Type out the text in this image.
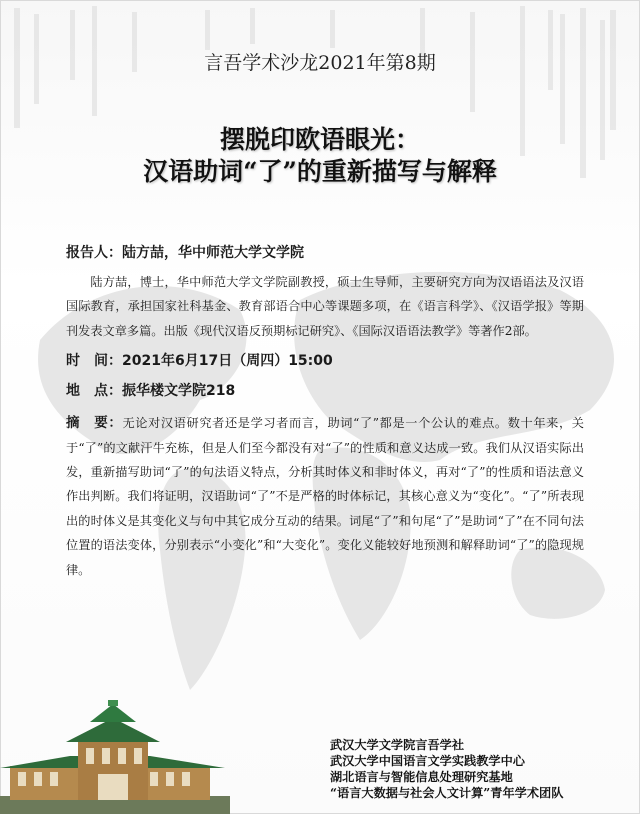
言吾学术沙龙2021年第8期
摆脱印欧语眼光：
汉语助词“了”的重新描写与解释

报告人：陆方喆，华中师范大学文学院

陆方喆，博士，华中师范大学文学院副教授，硕士生导师，主要研究方向为汉语语法及汉语国际教育，承担国家社科基金、教育部语合中心等课题多项，在《语言科学》、《汉语学报》等期刊发表文章多篇。出版《现代汉语反预期标记研究》、《国际汉语语法教学》等著作2部。

时　间：2021年6月17日（周四）15:00

地　点：振华楼文学院218

摘　要：无论对汉语研究者还是学习者而言，助词“了”都是一个公认的难点。数十年来，关于“了”的文献汗牛充栋，但是人们至今都没有对“了”的性质和意义达成一致。我们从汉语实际出发，重新描写助词“了”的句法语义特点，分析其时体义和非时体义，再对“了”的性质和语法意义作出判断。我们将证明，汉语助词“了”不是严格的时体标记，其核心意义为“变化”。“了”所表现出的时体义是其变化义与句中其它成分互动的结果。词尾“了”和句尾“了”是助词“了”在不同句法位置的语法变体，分别表示“小变化”和“大变化”。变化义能较好地预测和解释助词“了”的隐现规律。
武汉大学文学院言吾学社
武汉大学中国语言文学实践教学中心
湖北语言与智能信息处理研究基地
“语言大数据与社会人文计算”青年学术团队
